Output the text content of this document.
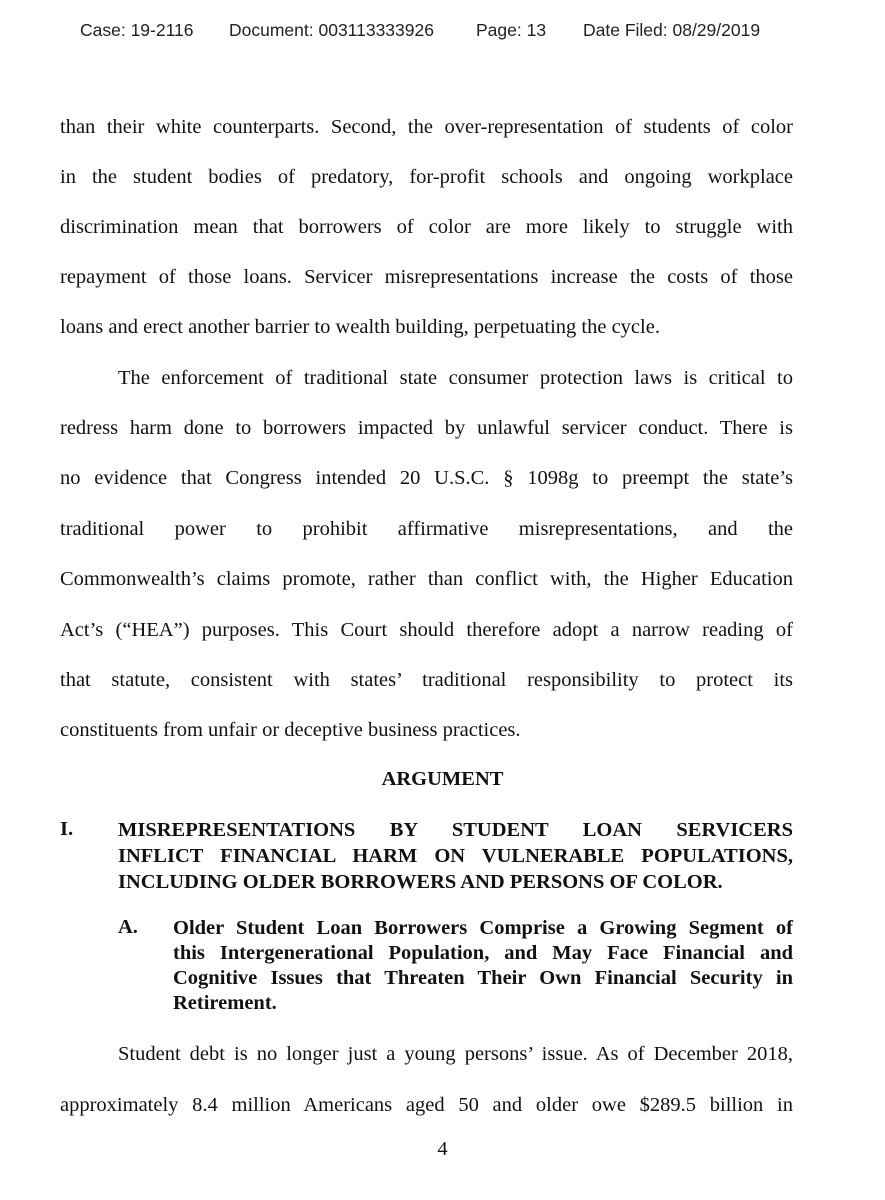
Case: 19-2116 Document: 003113333926 Page: 13 Date Filed: 08/29/2019
than their white counterparts. Second, the over-representation of students of color
in the student bodies of predatory, for-profit schools and ongoing workplace
discrimination mean that borrowers of color are more likely to struggle with
repayment of those loans. Servicer misrepresentations increase the costs of those
loans and erect another barrier to wealth building, perpetuating the cycle.
The enforcement of traditional state consumer protection laws is critical to
redress harm done to borrowers impacted by unlawful servicer conduct. There is
no evidence that Congress intended 20 U.S.C. § 1098g to preempt the state’s
traditional power to prohibit affirmative misrepresentations, and the
Commonwealth’s claims promote, rather than conflict with, the Higher Education
Act’s (“HEA”) purposes. This Court should therefore adopt a narrow reading of
that statute, consistent with states’ traditional responsibility to protect its
constituents from unfair or deceptive business practices.
ARGUMENT
I. MISREPRESENTATIONS BY STUDENT LOAN SERVICERS
INFLICT FINANCIAL HARM ON VULNERABLE POPULATIONS,
INCLUDING OLDER BORROWERS AND PERSONS OF COLOR.
A. Older Student Loan Borrowers Comprise a Growing Segment of
this Intergenerational Population, and May Face Financial and
Cognitive Issues that Threaten Their Own Financial Security in
Retirement.
Student debt is no longer just a young persons’ issue. As of December 2018,
approximately 8.4 million Americans aged 50 and older owe $289.5 billion in
4
